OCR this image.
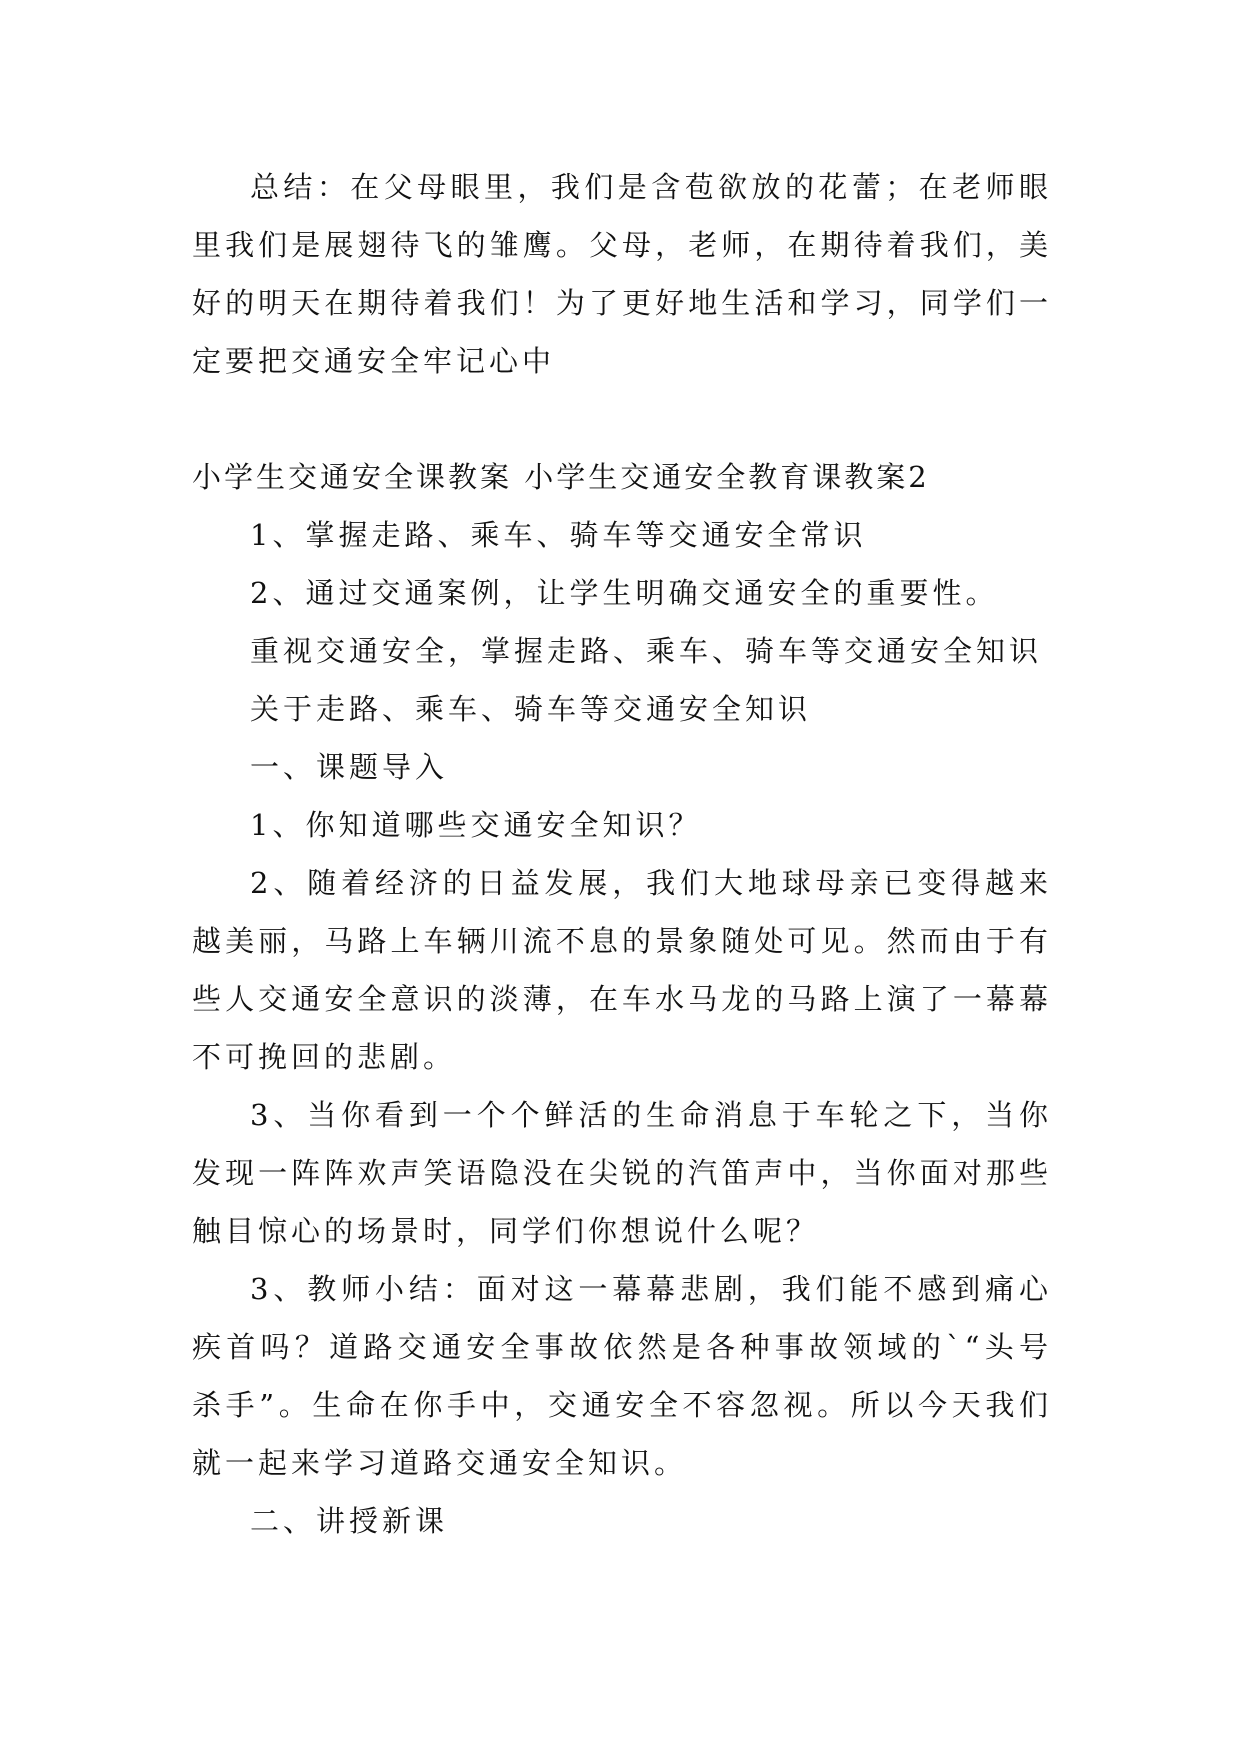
总结：在父母眼里，我们是含苞欲放的花蕾；在老师眼里我们是展翅待飞的雏鹰。父母，老师，在期待着我们，美好的明天在期待着我们！为了更好地生活和学习，同学们一定要把交通安全牢记心中

小学生交通安全课教案 小学生交通安全教育课教案2

1、掌握走路、乘车、骑车等交通安全常识

2、通过交通案例，让学生明确交通安全的重要性。

重视交通安全，掌握走路、乘车、骑车等交通安全知识

关于走路、乘车、骑车等交通安全知识

一、课题导入

1、你知道哪些交通安全知识？

2、随着经济的日益发展，我们大地球母亲已变得越来越美丽，马路上车辆川流不息的景象随处可见。然而由于有些人交通安全意识的淡薄，在车水马龙的马路上演了一幕幕不可挽回的悲剧。

3、当你看到一个个鲜活的生命消息于车轮之下，当你发现一阵阵欢声笑语隐没在尖锐的汽笛声中，当你面对那些触目惊心的场景时，同学们你想说什么呢？

3、教师小结：面对这一幕幕悲剧，我们能不感到痛心疾首吗？道路交通安全事故依然是各种事故领域的`“头号杀手”。生命在你手中，交通安全不容忽视。所以今天我们就一起来学习道路交通安全知识。

二、讲授新课
